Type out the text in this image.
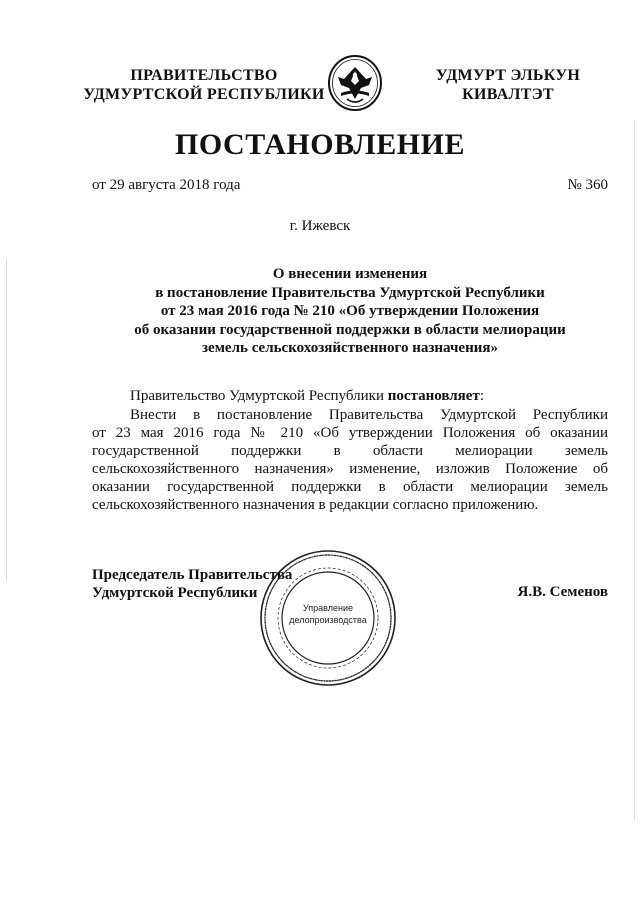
ПРАВИТЕЛЬСТВО
УДМУРТСКОЙ РЕСПУБЛИКИ
УДМУРТ ЭЛЬКУН
КИВАЛТЭТ
ПОСТАНОВЛЕНИЕ
от 29 августа 2018 года	№ 360
г. Ижевск
О внесении изменения
в постановление Правительства Удмуртской Республики
от 23 мая 2016 года № 210 «Об утверждении Положения
об оказании государственной поддержки в области мелиорации
земель сельскохозяйственного назначения»
Правительство Удмуртской Республики постановляет:
Внести в постановление Правительства Удмуртской Республики
от 23 мая 2016 года № 210 «Об утверждении Положения об оказании
государственной поддержки в области мелиорации земель
сельскохозяйственного назначения» изменение, изложив Положение об
оказании государственной поддержки в области мелиорации земель
сельскохозяйственного назначения в редакции согласно приложению.
Председатель Правительства
Удмуртской Республики
Управление
делопроизводства
Я.В. Семенов
